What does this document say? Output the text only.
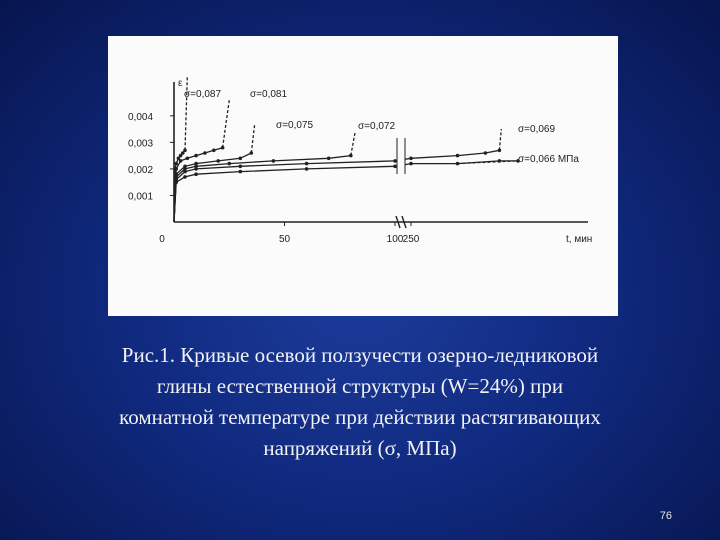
0,001
0,002
0,003
0,004
ε
0	50	100 250	t, мин
σ=0,087	σ=0,081
σ=0,075	σ=0,072	σ=0,069
σ=0,066 МПа
Рис.1. Кривые осевой ползучести озерно-ледниковой
глины естественной структуры (W=24%) при
комнатной температуре при действии растягивающих
напряжений (σ, МПа)
76
